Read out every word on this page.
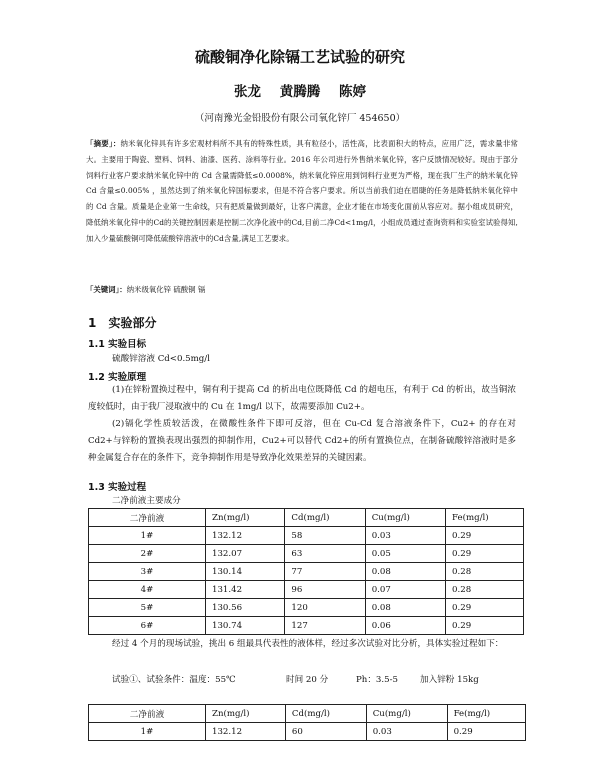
硫酸铜净化除镉工艺试验的研究
张龙 黄腾腾 陈婷
（河南豫光金铅股份有限公司氧化锌厂 454650）
「摘要」：纳米氧化锌具有许多宏观材料所不具有的特殊性质，具有粒径小，活性高，比表面积大的特点，应用广泛，需求量非常大。主要用于陶瓷、塑料、饲料、油漆、医药、涂料等行业。2016 年公司进行外售纳米氧化锌，客户反馈情况较好。现由于部分饲料行业客户要求纳米氧化锌中的 Cd 含量需降低≤0.0008%，纳米氧化锌应用到饲料行业更为严格，现在我厂生产的纳米氧化锌 Cd 含量≤0.005% ，虽然达到了纳米氧化锌国标要求，但是不符合客户要求。所以当前我们迫在眉睫的任务是降低纳米氧化锌中的 Cd 含量。质量是企业第一生命线，只有把质量做到最好，让客户满意，企业才能在市场变化面前从容应对。据小组成员研究，降低纳米氧化锌中的Cd的关键控制因素是控制二次净化液中的Cd,目前二净Cd<1mg/l，小组成员通过查询资料和实验室试验得知,加入少量硫酸铜可降低硫酸锌溶液中的Cd含量,满足工艺要求。
「关键词」：纳米级氧化锌 硫酸铜 镉
1 实验部分
1.1 实验目标
硫酸锌溶液 Cd<0.5mg/l
1.2 实验原理
(1)在锌粉置换过程中，铜有利于提高 Cd 的析出电位既降低 Cd 的超电压，有利于 Cd 的析出，故当铜浓度较低时，由于我厂浸取液中的 Cu 在 1mg/l 以下，故需要添加 Cu2+。
(2)镉化学性质较活泼，在微酸性条件下即可反溶，但在 Cu-Cd 复合溶液条件下，Cu2+ 的存在对 Cd2+与锌粉的置换表现出强烈的抑制作用，Cu2+可以替代 Cd2+的所有置换位点，在制备硫酸锌溶液时是多种金属复合存在的条件下，竞争抑制作用是导致净化效果差异的关键因素。
1.3 实验过程
二净前液主要成分
二净前液	Zn(mg/l)	Cd(mg/l)	Cu(mg/l)	Fe(mg/l)
1#	132.12	58	0.03	0.29
2#	132.07	63	0.05	0.29
3#	130.14	77	0.08	0.28
4#	131.42	96	0.07	0.28
5#	130.56	120	0.08	0.29
6#	130.74	127	0.06	0.29
经过 4 个月的现场试验，挑出 6 组最具代表性的液体样，经过多次试验对比分析，具体实验过程如下：
试验①、试验条件：温度：55℃	时间 20 分	Ph：3.5-5	加入锌粉 15kg
二净前液	Zn(mg/l)	Cd(mg/l)	Cu(mg/l)	Fe(mg/l)
1#	132.12	60	0.03	0.29
